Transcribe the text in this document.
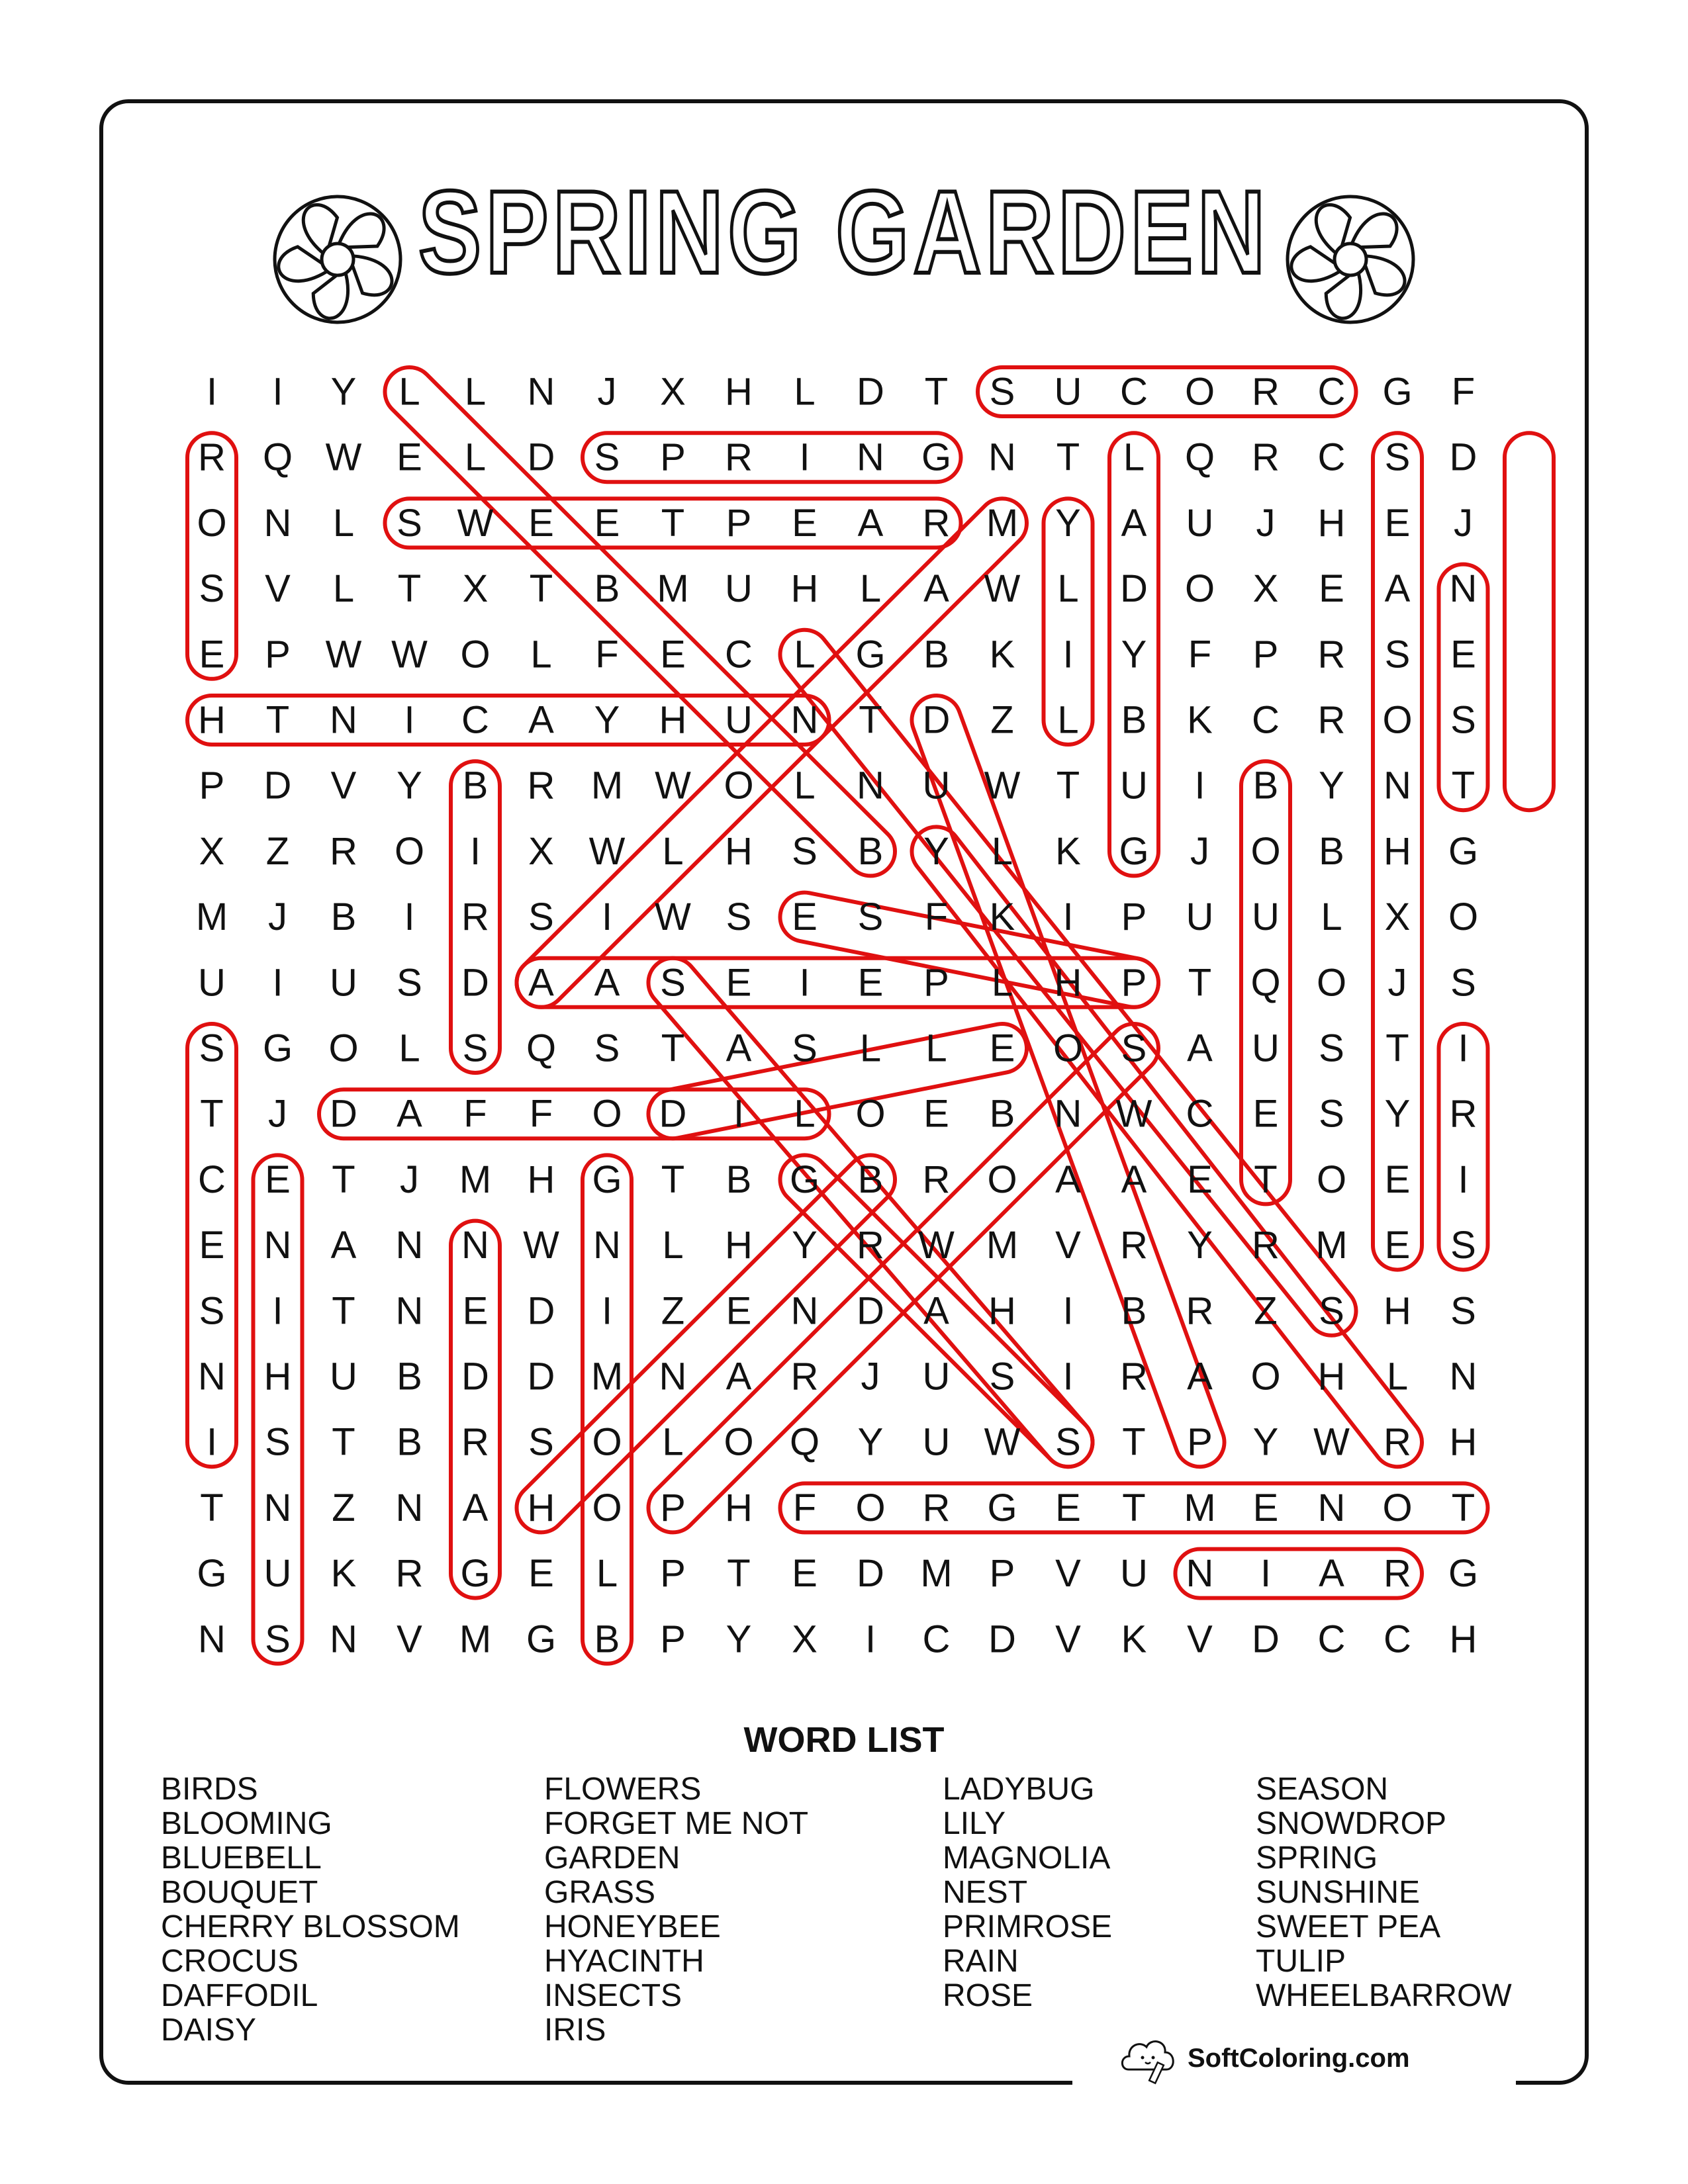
SPRING GARDEN
I I Y L L N J X H L D T S U C O R C G F
R Q W E L D S P R I N G N T L Q R C S D
O N L S W E E T P E A R M Y A U J H E J
S V L T X T B M U H L A W L D O X E A N
E P W W O L F E C L G B K I Y F P R S E
H T N I C A Y H U N T D Z L B K C R O S
P D V Y B R M W O L N U W T U I B Y N T
X Z R O I X W L H S B Y L K G J O B H G
M J B I R S I W S E S F K I P U U L X O
U I U S D A A S E I E P L H P T Q O J S
S G O L S Q S T A S L L E O S A U S T I
T J D A F F O D I L O E B N W C E S Y R
C E T J M H G T B G B R O A A E T O E I
E N A N N W N L H Y R W M V R Y R M E S
S I T N E D I Z E N D A H I B R Z S H S
N H U B D D M N A R J U S I R A O H L N
I S T B R S O L O Q Y U W S T P Y W R H
T N Z N A H O P H F O R G E T M E N O T
G U K R G E L P T E D M P V U N I A R G
N S N V M G B P Y X I C D V K V D C C H
WORD LIST
BIRDS
BLOOMING
BLUEBELL
BOUQUET
CHERRY BLOSSOM
CROCUS
DAFFODIL
DAISY
FLOWERS
FORGET ME NOT
GARDEN
GRASS
HONEYBEE
HYACINTH
INSECTS
IRIS
LADYBUG
LILY
MAGNOLIA
NEST
PRIMROSE
RAIN
ROSE
SEASON
SNOWDROP
SPRING
SUNSHINE
SWEET PEA
TULIP
WHEELBARROW
SoftColoring.com
